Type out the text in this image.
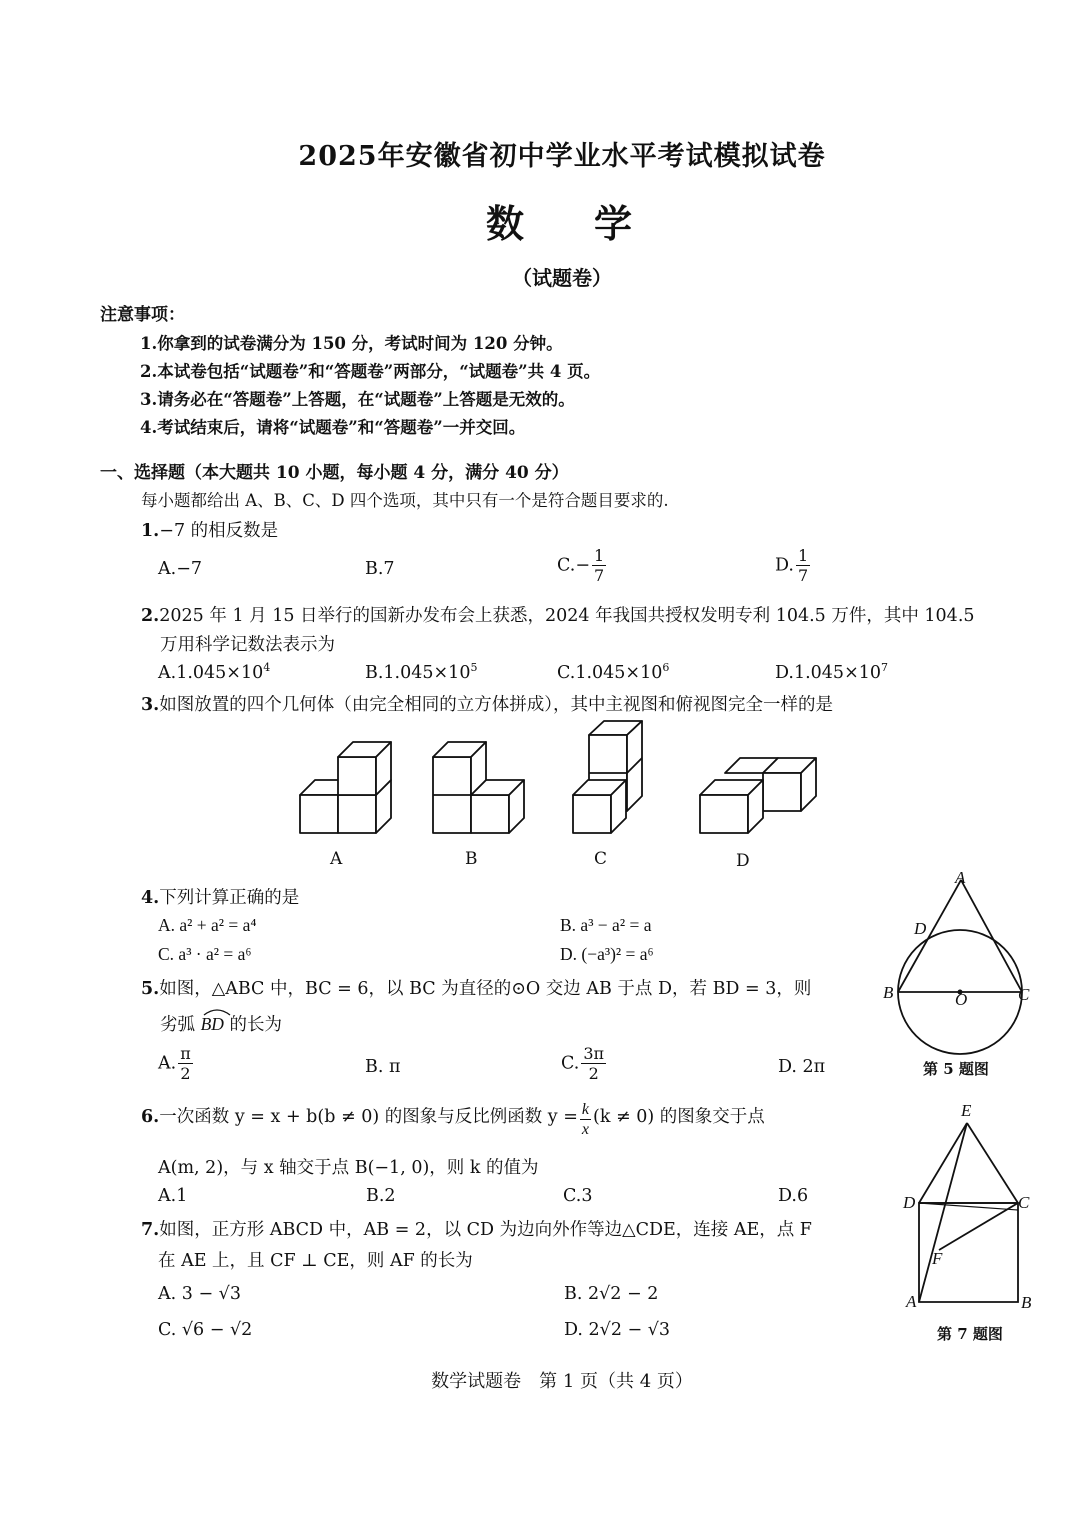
2025年安徽省初中学业水平考试模拟试卷
数学
（试题卷）
注意事项：
1.你拿到的试卷满分为 150 分，考试时间为 120 分钟。
2.本试卷包括“试题卷”和“答题卷”两部分，“试题卷”共 4 页。
3.请务必在“答题卷”上答题，在“试题卷”上答题是无效的。
4.考试结束后，请将“试题卷”和“答题卷”一并交回。
一、选择题（本大题共 10 小题，每小题 4 分，满分 40 分）
每小题都给出 A、B、C、D 四个选项，其中只有一个是符合题目要求的.
1.−7 的相反数是
A.−7	B.7	$C.- \frac{1}{7}$	D. $\frac{1}{7}$
2.2025 年 1 月 15 日举行的国新办发布会上获悉，2024 年我国共授权发明专利 104.5 万件，其中 104.5
万用科学记数法表示为
$A.1.045\times 10^4$	$B.1.045\times 10^5$	$C.1.045\times 10^6$	$D.1.045\times 10^7$
3.如图放置的四个几何体（由完全相同的立方体拼成），其中主视图和俯视图完全一样的是
A	B	C	D
4.下列计算正确的是
A. a² + a² = a⁴	B. a³ − a² = a
C. a³ · a² = a⁶	D. (−a³)² = a⁶
5.如图，△ABC 中，BC = 6，以 BC 为直径的⊙O 交边 AB 于点 D，若 BD = 3，则
劣弧
BD 的长为
A. $\frac{\pi}{2}$	B. π	C. $\frac{3\pi}{2}$	D. 2π
A
D
B	O	C
第 5 题图
6.一次函数 y = x + b(b ≠ 0) 的图象与反比例函数 $y = \frac{k}{x} (k \ne 0)$ 的图象交于点
A(m, 2)，与 x 轴交于点 B(−1, 0)，则 k 的值为
A.1	B.2	C.3	D.6
7.如图，正方形 ABCD 中，AB = 2，以 CD 为边向外作等边△CDE，连接 AE，点 F
在 AE 上，且 CF ⊥ CE，则 AF 的长为
A. 3 − √3	B. 2√2 − 2
C. √6 − √2	D. 2√2 − √3
E
D	C
F
A	B
第 7 题图
数学试题卷　第 1 页（共 4 页）
